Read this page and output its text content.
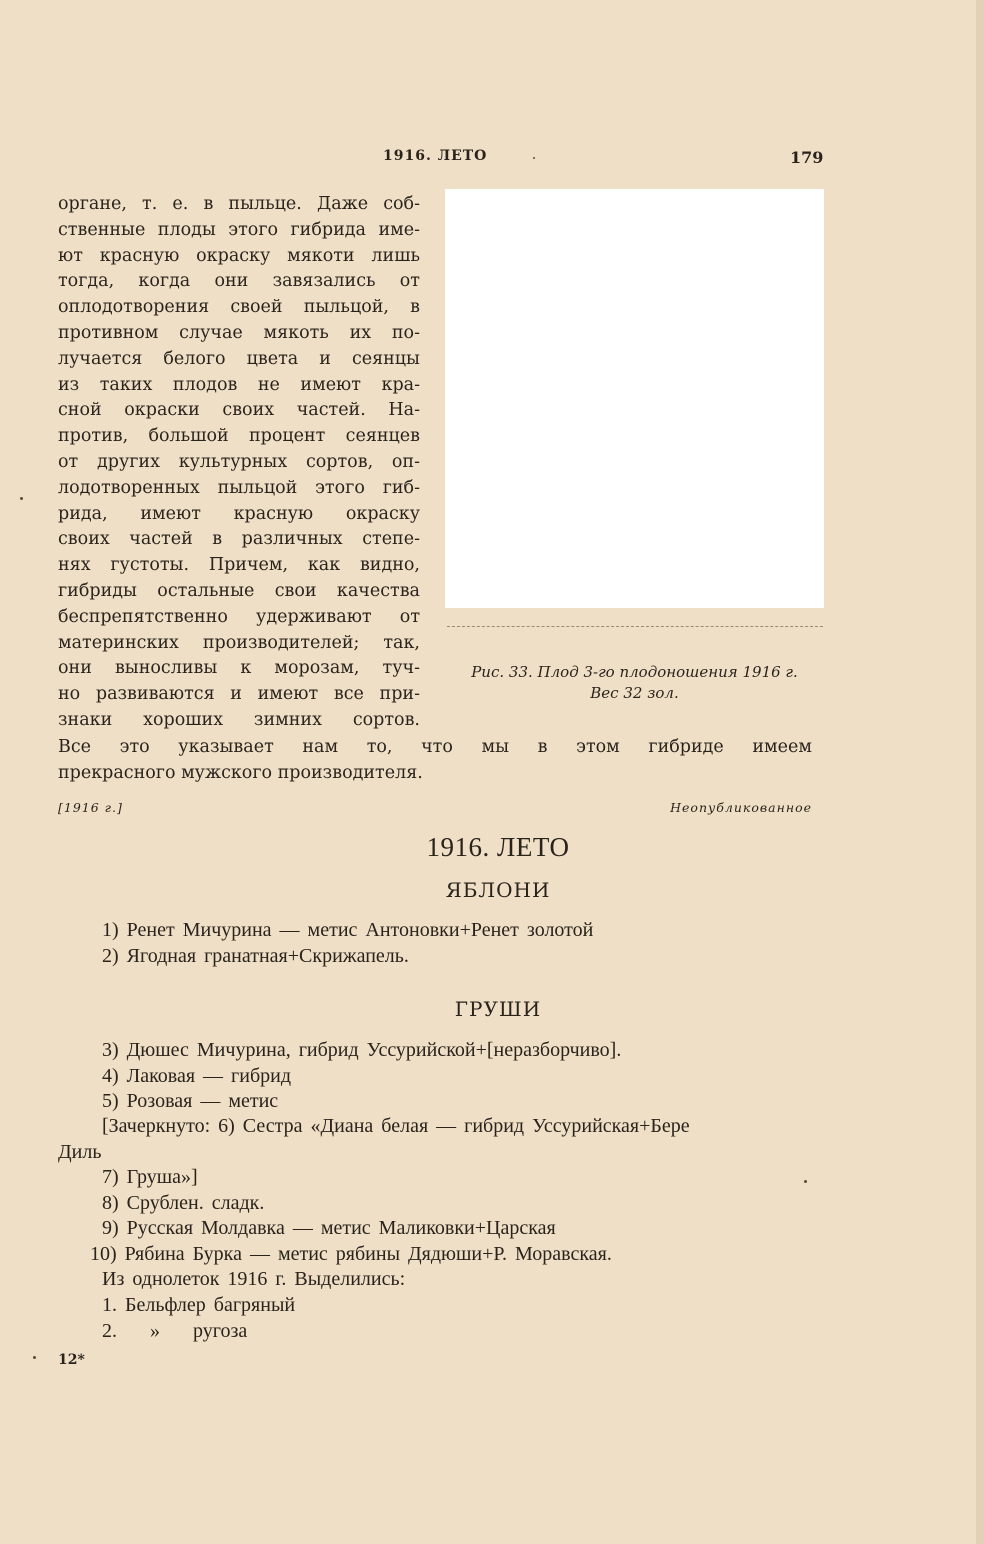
1916. ЛЕТО	179
органе, т. е. в пыльце. Даже соб-
ственные плоды этого гибрида име-
ют красную окраску мякоти лишь
тогда, когда они завязались от
оплодотворения своей пыльцой, в
противном случае мякоть их по-
лучается белого цвета и сеянцы
из таких плодов не имеют кра-
сной окраски своих частей. На-
против, большой процент сеянцев
от других культурных сортов, оп-
лодотворенных пыльцой этого гиб-
рида, имеют красную окраску
своих частей в различных степе-
нях густоты. Причем, как видно,
гибриды остальные свои качества
беспрепятственно удерживают от
материнских производителей; так,
они выносливы к морозам, туч-
но развиваются и имеют все при-
знаки хороших зимних сортов.
Рис. 33. Плод 3-го плодоношения 1916 г.
Вес 32 зол.
Все это указывает нам то, что мы в этом гибриде имеем
прекрасного мужского производителя.
[1916 г.]	Неопубликованное
1916. ЛЕТО
ЯБЛОНИ
1) Ренет Мичурина — метис Антоновки+Ренет золотой
2) Ягодная гранатная+Скрижапель.
ГРУШИ
3) Дюшес Мичурина, гибрид Уссурийской+[неразборчиво].
4) Лаковая — гибрид
5) Розовая — метис
[Зачеркнуто: 6) Сестра «Диана белая — гибрид Уссурийская+Бере
Диль
7) Груша»]
8) Срублен. сладк.
9) Русская Молдавка — метис Маликовки+Царская
10) Рябина Бурка — метис рябины Дядюши+Р. Моравская.
Из однолеток 1916 г. Выделились:
1. Бельфлер багряный
2. » ругоза
12*
